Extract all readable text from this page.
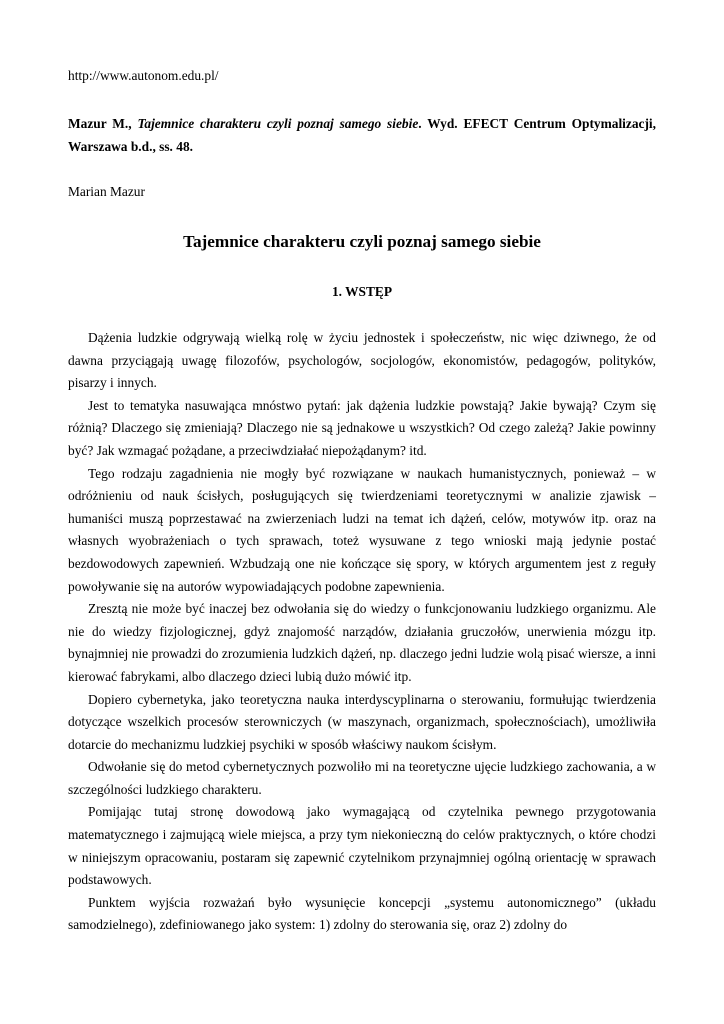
http://www.autonom.edu.pl/
Mazur M., Tajemnice charakteru czyli poznaj samego siebie. Wyd. EFECT Centrum Optymalizacji, Warszawa b.d., ss. 48.
Marian Mazur
Tajemnice charakteru czyli poznaj samego siebie
1. WSTĘP

Dążenia ludzkie odgrywają wielką rolę w życiu jednostek i społeczeństw, nic więc dziwnego, że od dawna przyciągają uwagę filozofów, psychologów, socjologów, ekonomistów, pedagogów, polityków, pisarzy i innych.

Jest to tematyka nasuwająca mnóstwo pytań: jak dążenia ludzkie powstają? Jakie bywają? Czym się różnią? Dlaczego się zmieniają? Dlaczego nie są jednakowe u wszystkich? Od czego zależą? Jakie powinny być? Jak wzmagać pożądane, a przeciwdziałać niepożądanym? itd.

Tego rodzaju zagadnienia nie mogły być rozwiązane w naukach humanistycznych, ponieważ – w odróżnieniu od nauk ścisłych, posługujących się twierdzeniami teoretycznymi w analizie zjawisk – humaniści muszą poprzestawać na zwierzeniach ludzi na temat ich dążeń, celów, motywów itp. oraz na własnych wyobrażeniach o tych sprawach, toteż wysuwane z tego wnioski mają jedynie postać bezdowodowych zapewnień. Wzbudzają one nie kończące się spory, w których argumentem jest z reguły powoływanie się na autorów wypowiadających podobne zapewnienia.

Zresztą nie może być inaczej bez odwołania się do wiedzy o funkcjonowaniu ludzkiego organizmu. Ale nie do wiedzy fizjologicznej, gdyż znajomość narządów, działania gruczołów, unerwienia mózgu itp. bynajmniej nie prowadzi do zrozumienia ludzkich dążeń, np. dlaczego jedni ludzie wolą pisać wiersze, a inni kierować fabrykami, albo dlaczego dzieci lubią dużo mówić itp.

Dopiero cybernetyka, jako teoretyczna nauka interdyscyplinarna o sterowaniu, formułując twierdzenia dotyczące wszelkich procesów sterowniczych (w maszynach, organizmach, społecznościach), umożliwiła dotarcie do mechanizmu ludzkiej psychiki w sposób właściwy naukom ścisłym.

Odwołanie się do metod cybernetycznych pozwoliło mi na teoretyczne ujęcie ludzkiego zachowania, a w szczególności ludzkiego charakteru.

Pomijając tutaj stronę dowodową jako wymagającą od czytelnika pewnego przygotowania matematycznego i zajmującą wiele miejsca, a przy tym niekonieczną do celów praktycznych, o które chodzi w niniejszym opracowaniu, postaram się zapewnić czytelnikom przynajmniej ogólną orientację w sprawach podstawowych.

Punktem wyjścia rozważań było wysunięcie koncepcji „systemu autonomicznego” (układu samodzielnego), zdefiniowanego jako system: 1) zdolny do sterowania się, oraz 2) zdolny do
